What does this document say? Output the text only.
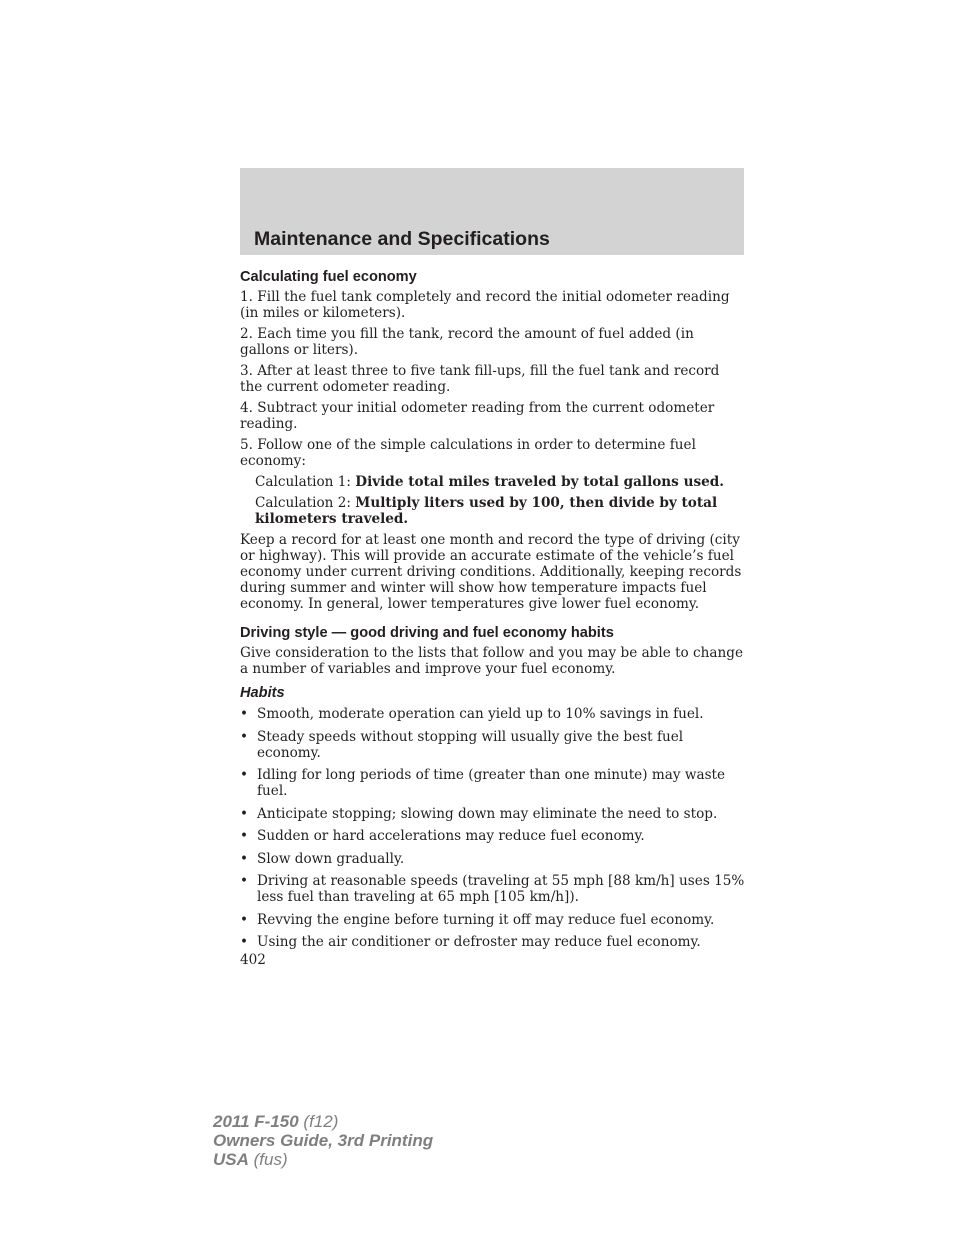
Maintenance and Specifications
Calculating fuel economy

1. Fill the fuel tank completely and record the initial odometer reading (in miles or kilometers).

2. Each time you fill the tank, record the amount of fuel added (in gallons or liters).

3. After at least three to five tank fill-ups, fill the fuel tank and record the current odometer reading.

4. Subtract your initial odometer reading from the current odometer reading.

5. Follow one of the simple calculations in order to determine fuel economy:

Calculation 1: Divide total miles traveled by total gallons used.

Calculation 2: Multiply liters used by 100, then divide by total kilometers traveled.

Keep a record for at least one month and record the type of driving (city or highway). This will provide an accurate estimate of the vehicle’s fuel economy under current driving conditions. Additionally, keeping records during summer and winter will show how temperature impacts fuel economy. In general, lower temperatures give lower fuel economy.

Driving style — good driving and fuel economy habits

Give consideration to the lists that follow and you may be able to change a number of variables and improve your fuel economy.

Habits
• Smooth, moderate operation can yield up to 10% savings in fuel.
• Steady speeds without stopping will usually give the best fuel economy.
• Idling for long periods of time (greater than one minute) may waste fuel.
• Anticipate stopping; slowing down may eliminate the need to stop.
• Sudden or hard accelerations may reduce fuel economy.
• Slow down gradually.
• Driving at reasonable speeds (traveling at 55 mph [88 km/h] uses 15% less fuel than traveling at 65 mph [105 km/h]).
• Revving the engine before turning it off may reduce fuel economy.
• Using the air conditioner or defroster may reduce fuel economy.

402

2011 F-150 (f12)
Owners Guide, 3rd Printing
USA (fus)
